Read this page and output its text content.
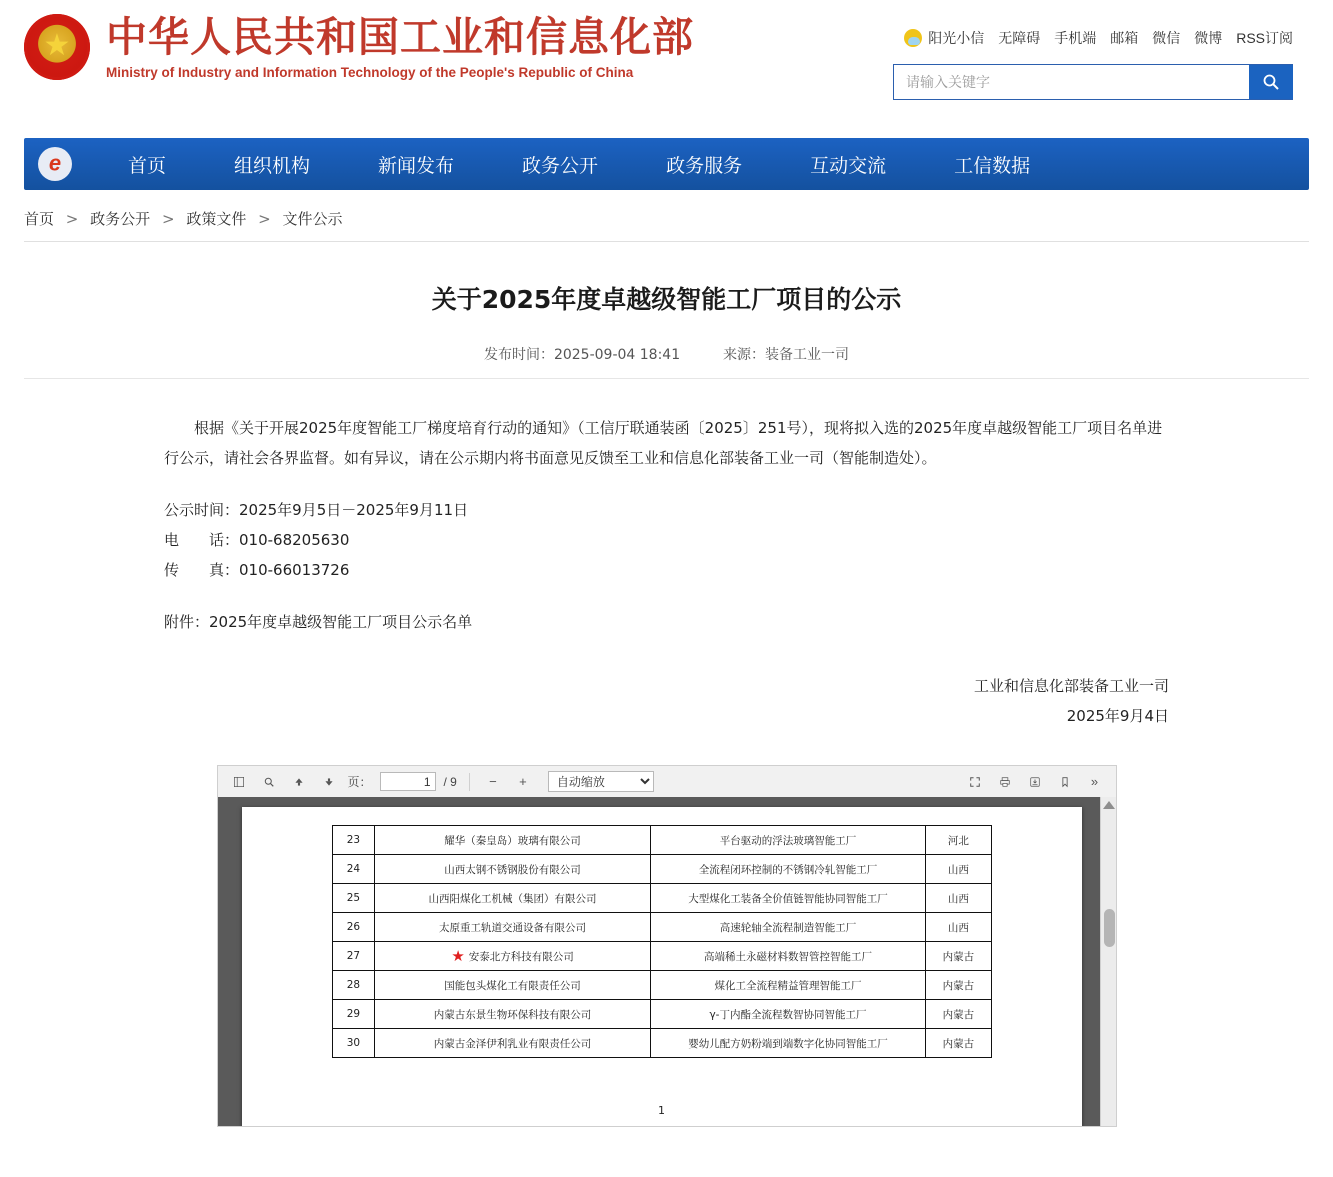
★
中华人民共和国工业和信息化部
Ministry of Industry and Information Technology of the People's Republic of China
阳光小信 无障碍 手机端 邮箱 微信 微博 RSS订阅
请输入关键字
e
首页	组织机构	新闻发布	政务公开	政务服务	互动交流	工信数据
首页 > 政务公开 > 政策文件 > 文件公示
关于2025年度卓越级智能工厂项目的公示
发布时间：2025-09-04 18:41	来源：装备工业一司

根据《关于开展2025年度智能工厂梯度培育行动的通知》（工信厅联通装函〔2025〕251号），现将拟入选的2025年度卓越级智能工厂项目名单进行公示，请社会各界监督。如有异议，请在公示期内将书面意见反馈至工业和信息化部装备工业一司（智能制造处）。

公示时间：2025年9月5日－2025年9月11日

电　　话：010-68205630

传　　真：010-66013726

附件：2025年度卓越级智能工厂项目公示名单

工业和信息化部装备工业一司
2025年9月4日
页：
1	/ 9	−	+
自动缩放	»
23	耀华（秦皇岛）玻璃有限公司	平台驱动的浮法玻璃智能工厂	河北
24	山西太钢不锈钢股份有限公司	全流程闭环控制的不锈钢冷轧智能工厂	山西
25	山西阳煤化工机械（集团）有限公司	大型煤化工装备全价值链智能协同智能工厂	山西
26	太原重工轨道交通设备有限公司	高速轮轴全流程制造智能工厂	山西
27	★ 安泰北方科技有限公司	高端稀土永磁材料数智管控智能工厂	内蒙古
28	国能包头煤化工有限责任公司	煤化工全流程精益管理智能工厂	内蒙古
29	内蒙古东景生物环保科技有限公司	γ-丁内酯全流程数智协同智能工厂	内蒙古
30	内蒙古金泽伊利乳业有限责任公司	婴幼儿配方奶粉端到端数字化协同智能工厂	内蒙古
1
